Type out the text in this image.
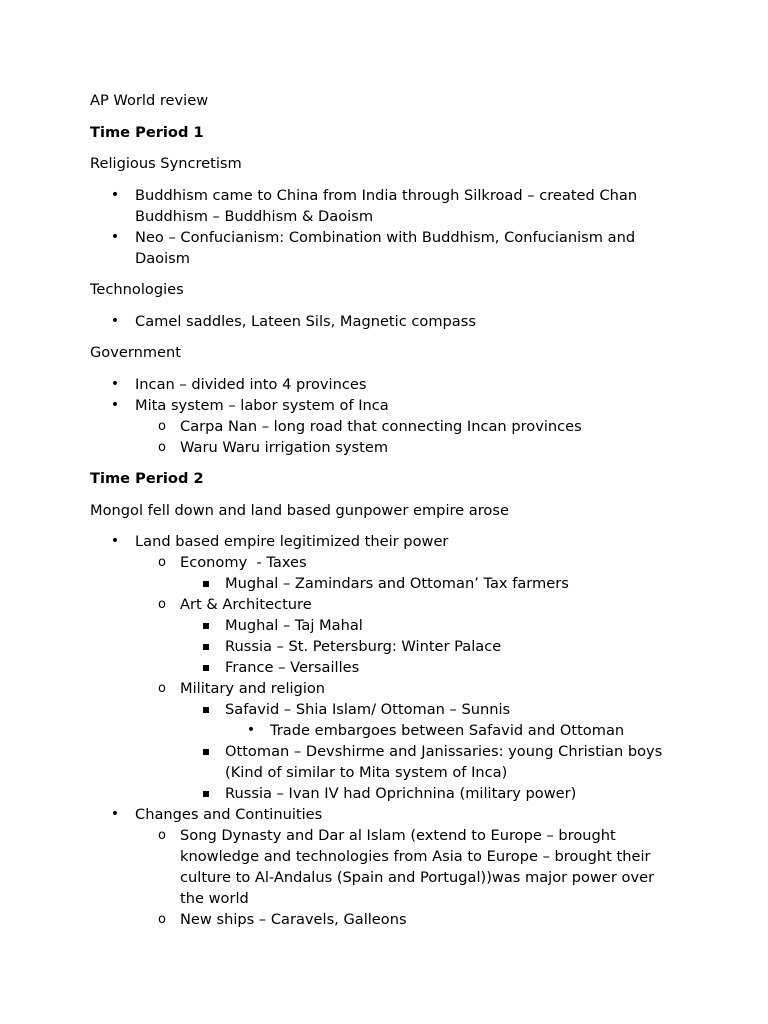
AP World review

Time Period 1

Religious Syncretism

• Buddhism came to China from India through Silkroad – created Chan
Buddhism – Buddhism & Daoism
• Neo – Confucianism: Combination with Buddhism, Confucianism and
Daoism

Technologies

• Camel saddles, Lateen Sils, Magnetic compass

Government

• Incan – divided into 4 provinces
• Mita system – labor system of Inca
o Carpa Nan – long road that connecting Incan provinces
o Waru Waru irrigation system

Time Period 2

Mongol fell down and land based gunpower empire arose

• Land based empire legitimized their power
o Economy  - Taxes
Mughal – Zamindars and Ottoman’ Tax farmers
o Art & Architecture
Mughal – Taj Mahal
Russia – St. Petersburg: Winter Palace
France – Versailles
o Military and religion
Safavid – Shia Islam/ Ottoman – Sunnis
• Trade embargoes between Safavid and Ottoman
Ottoman – Devshirme and Janissaries: young Christian boys
(Kind of similar to Mita system of Inca)
Russia – Ivan IV had Oprichnina (military power)
• Changes and Continuities
o Song Dynasty and Dar al Islam (extend to Europe – brought
knowledge and technologies from Asia to Europe – brought their
culture to Al-Andalus (Spain and Portugal))was major power over
the world
o New ships – Caravels, Galleons
